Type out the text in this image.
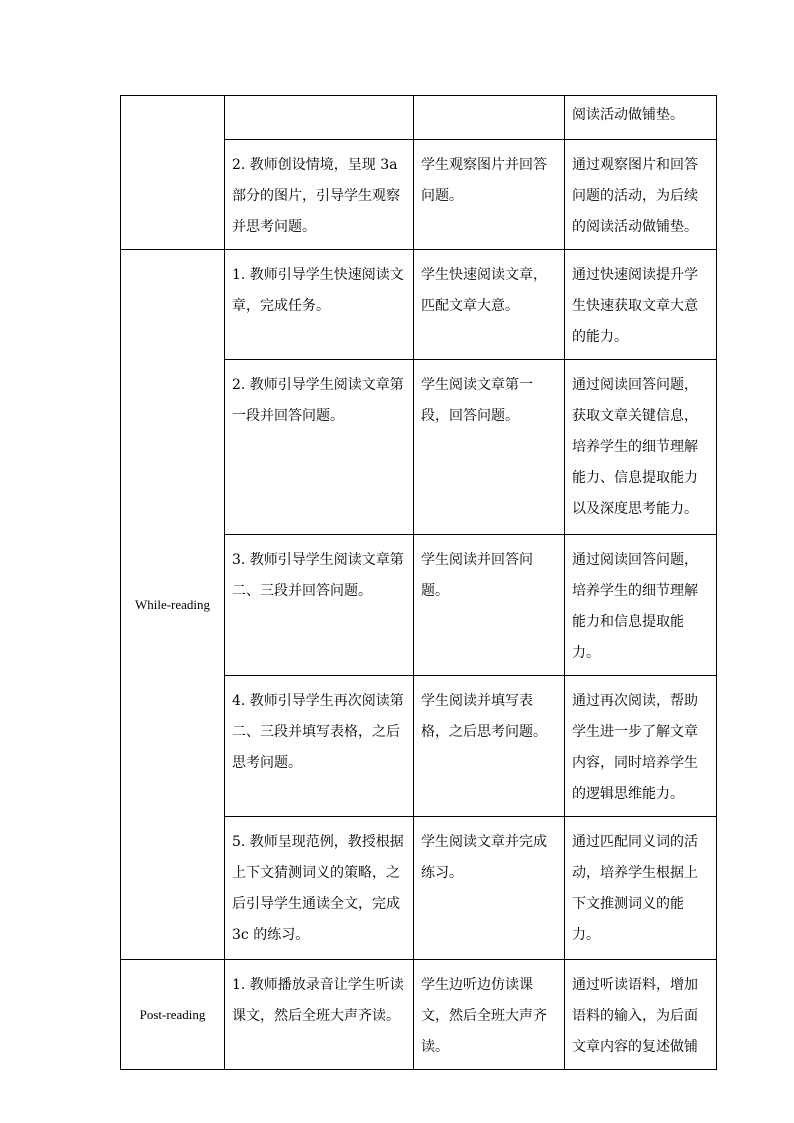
			阅读活动做铺垫。
	2. 教师创设情境，呈现 3a 部分的图片，引导学生观察并思考问题。	学生观察图片并回答问题。	通过观察图片和回答问题的活动，为后续的阅读活动做铺垫。
While-reading	1. 教师引导学生快速阅读文章，完成任务。	学生快速阅读文章，匹配文章大意。	通过快速阅读提升学生快速获取文章大意的能力。
	2. 教师引导学生阅读文章第一段并回答问题。	学生阅读文章第一段，回答问题。	通过阅读回答问题，获取文章关键信息，培养学生的细节理解能力、信息提取能力以及深度思考能力。
	3. 教师引导学生阅读文章第二、三段并回答问题。	学生阅读并回答问题。	通过阅读回答问题，培养学生的细节理解能力和信息提取能力。
	4. 教师引导学生再次阅读第二、三段并填写表格，之后思考问题。	学生阅读并填写表格，之后思考问题。	通过再次阅读，帮助学生进一步了解文章内容，同时培养学生的逻辑思维能力。
	5. 教师呈现范例，教授根据上下文猜测词义的策略，之后引导学生通读全文，完成 3c 的练习。	学生阅读文章并完成练习。	通过匹配同义词的活动，培养学生根据上下文推测词义的能力。
Post-reading	1. 教师播放录音让学生听读课文，然后全班大声齐读。	学生边听边仿读课文，然后全班大声齐读。	通过听读语料，增加语料的输入，为后面文章内容的复述做铺
